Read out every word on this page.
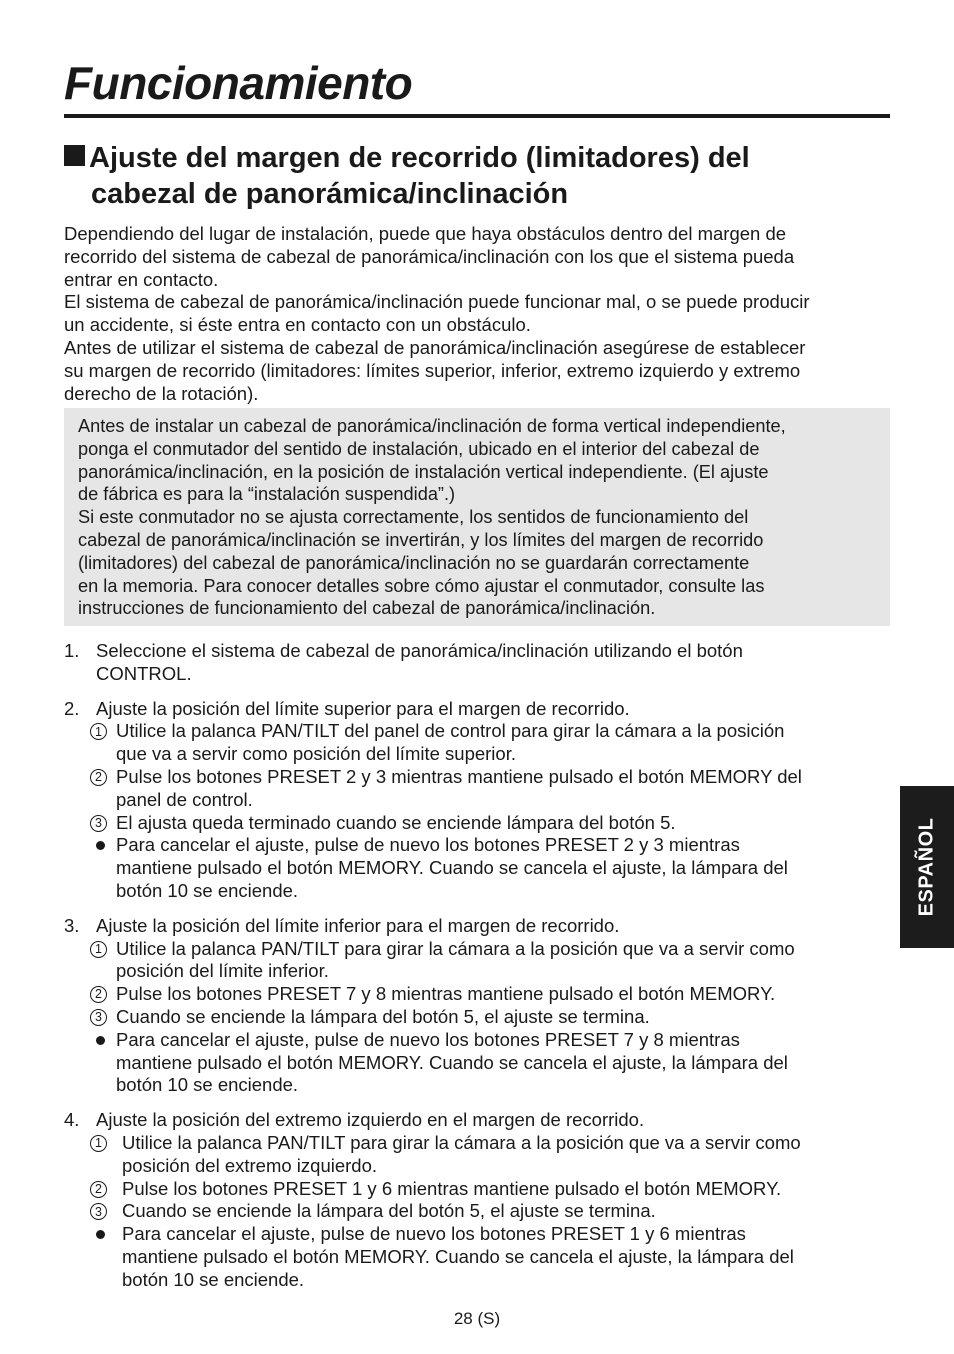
Funcionamiento
Ajuste del margen de recorrido (limitadores) del
cabezal de panorámica/inclinación

Dependiendo del lugar de instalación, puede que haya obstáculos dentro del margen de
recorrido del sistema de cabezal de panorámica/inclinación con los que el sistema pueda
entrar en contacto.

El sistema de cabezal de panorámica/inclinación puede funcionar mal, o se puede producir
un accidente, si éste entra en contacto con un obstáculo.

Antes de utilizar el sistema de cabezal de panorámica/inclinación asegúrese de establecer
su margen de recorrido (limitadores: límites superior, inferior, extremo izquierdo y extremo
derecho de la rotación).

Antes de instalar un cabezal de panorámica/inclinación de forma vertical independiente,
ponga el conmutador del sentido de instalación, ubicado en el interior del cabezal de
panorámica/inclinación, en la posición de instalación vertical independiente. (El ajuste
de fábrica es para la “instalación suspendida”.)

Si este conmutador no se ajusta correctamente, los sentidos de funcionamiento del
cabezal de panorámica/inclinación se invertirán, y los límites del margen de recorrido
(limitadores) del cabezal de panorámica/inclinación no se guardarán correctamente
en la memoria. Para conocer detalles sobre cómo ajustar el conmutador, consulte las
instrucciones de funcionamiento del cabezal de panorámica/inclinación.

1. Seleccione el sistema de cabezal de panorámica/inclinación utilizando el botón
CONTROL.
2. Ajuste la posición del límite superior para el margen de recorrido.
1 Utilice la palanca PAN/TILT del panel de control para girar la cámara a la posición
que va a servir como posición del límite superior.
2 Pulse los botones PRESET 2 y 3 mientras mantiene pulsado el botón MEMORY del
panel de control.
3 El ajusta queda terminado cuando se enciende lámpara del botón 5.
Para cancelar el ajuste, pulse de nuevo los botones PRESET 2 y 3 mientras
mantiene pulsado el botón MEMORY. Cuando se cancela el ajuste, la lámpara del
botón 10 se enciende.
3. Ajuste la posición del límite inferior para el margen de recorrido.
1 Utilice la palanca PAN/TILT para girar la cámara a la posición que va a servir como
posición del límite inferior.
2 Pulse los botones PRESET 7 y 8 mientras mantiene pulsado el botón MEMORY.
3 Cuando se enciende la lámpara del botón 5, el ajuste se termina.
Para cancelar el ajuste, pulse de nuevo los botones PRESET 7 y 8 mientras
mantiene pulsado el botón MEMORY. Cuando se cancela el ajuste, la lámpara del
botón 10 se enciende.
4. Ajuste la posición del extremo izquierdo en el margen de recorrido.
1 Utilice la palanca PAN/TILT para girar la cámara a la posición que va a servir como
posición del extremo izquierdo.
2 Pulse los botones PRESET 1 y 6 mientras mantiene pulsado el botón MEMORY.
3 Cuando se enciende la lámpara del botón 5, el ajuste se termina.
Para cancelar el ajuste, pulse de nuevo los botones PRESET 1 y 6 mientras
mantiene pulsado el botón MEMORY. Cuando se cancela el ajuste, la lámpara del
botón 10 se enciende.
ESPAÑOL
28 (S)
